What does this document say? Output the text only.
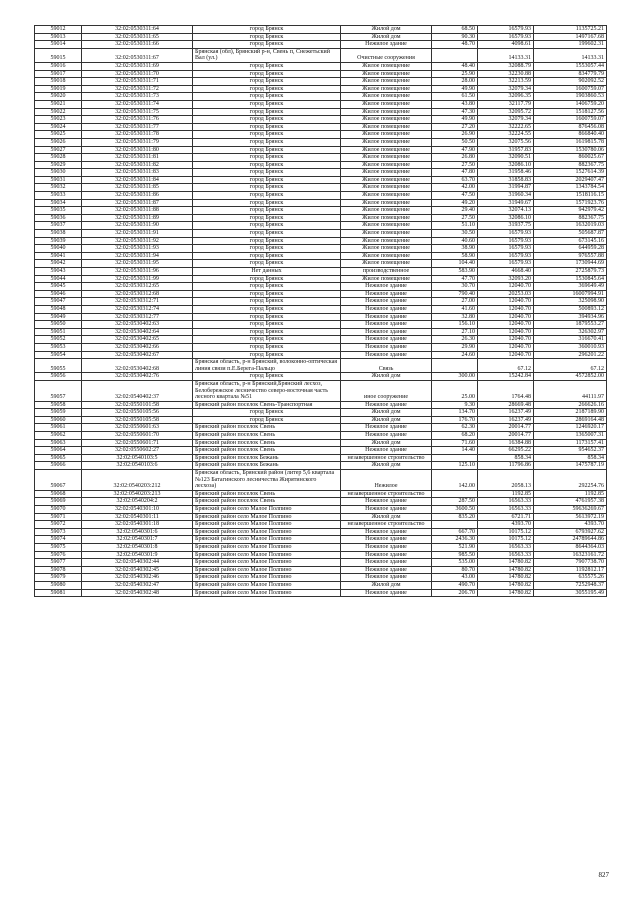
59012	32:02:0530311:64	город Брянск	Жилой дом	68.50	16579.93	1135725.21
59013	32:02:0530311:65	город Брянск	Жилой дом	90.30	16579.93	1497167.68
59014	32:02:0530311:66	город Брянск	Нежилое здание	48.70	4098.61	199602.31
59015	32:02:0530311:67	Брянская (обл), Брянский р-н, Свень п, Снежетьский Вал (ул.)	Очистные сооружения		14133.31	14133.31
59016	32:02:0530311:69	город Брянск	Жилое помещение	48.40	32088.79	1553057.44
59017	32:02:0530311:70	город Брянск	Жилое помещение	25.90	32230.88	834779.79
59018	32:02:0530311:71	город Брянск	Жилое помещение	28.00	32213.59	902092.52
59019	32:02:0530311:72	город Брянск	Жилое помещение	49.90	32079.34	1600759.07
59020	32:02:0530311:73	город Брянск	Жилое помещение	61.50	32096.35	1903860.53
59021	32:02:0530311:74	город Брянск	Жилое помещение	43.80	32117.79	1406759.20
59022	32:02:0530311:75	город Брянск	Жилое помещение	47.30	32095.72	1518127.56
59023	32:02:0530311:76	город Брянск	Жилое помещение	49.90	32079.34	1600759.07
59024	32:02:0530311:77	город Брянск	Жилое помещение	27.20	32222.65	876456.08
59025	32:02:0530311:78	город Брянск	Жилое помещение	26.90	32224.55	866840.40
59026	32:02:0530311:79	город Брянск	Жилое помещение	50.50	32075.56	1619815.78
59027	32:02:0530311:80	город Брянск	Жилое помещение	47.90	31957.83	1530780.06
59028	32:02:0530311:81	город Брянск	Жилое помещение	26.80	32090.51	860025.67
59029	32:02:0530311:82	город Брянск	Жилое помещение	27.50	32086.10	882367.75
59030	32:02:0530311:83	город Брянск	Жилое помещение	47.80	31958.46	1527614.39
59031	32:02:0530311:84	город Брянск	Жилое помещение	63.70	31858.83	2029407.47
59032	32:02:0530311:85	город Брянск	Жилое помещение	42.00	31994.87	1343784.54
59033	32:02:0530311:86	город Брянск	Жилое помещение	47.50	31960.34	1518116.15
59034	32:02:0530311:87	город Брянск	Жилое помещение	49.20	31949.67	1571923.76
59035	32:02:0530311:88	город Брянск	Жилое помещение	29.40	32074.13	942979.42
59036	32:02:0530311:89	город Брянск	Жилое помещение	27.50	32086.10	882367.75
59037	32:02:0530311:90	город Брянск	Жилое помещение	51.10	31937.75	1632019.03
59038	32:02:0530311:91	город Брянск	Жилое помещение	30.50	16579.93	505687.87
59039	32:02:0530311:92	город Брянск	Жилое помещение	40.60	16579.93	673145.16
59040	32:02:0530311:93	город Брянск	Жилое помещение	38.90	16579.93	644959.28
59041	32:02:0530311:94	город Брянск	Жилое помещение	58.90	16579.93	976557.88
59042	32:02:0530311:95	город Брянск	Жилое помещение	104.40	16579.93	1730944.69
59043	32:02:0530311:96	Нет данных	производственное	583.90	4668.40	2725879.73
59044	32:02:0530311:99	город Брянск	Жилое помещение	47.70	32093.20	1530845.64
59045	32:02:0530312:65	город Брянск	Нежилое здание	30.70	12040.70	369649.49
59046	32:02:0530312:68	город Брянск	Нежилое здание	790.40	20253.03	16007994.91
59047	32:02:0530312:71	город Брянск	Нежилое здание	27.00	12040.70	325098.90
59048	32:02:0530312:74	город Брянск	Нежилое здание	41.60	12040.70	500893.12
59049	32:02:0530312:77	город Брянск	Нежилое здание	32.80	12040.70	394934.96
59050	32:02:0530402:63	город Брянск	Нежилое здание	156.10	12040.70	1879553.27
59051	32:02:0530402:64	город Брянск	Нежилое здание	27.10	12040.70	326302.97
59052	32:02:0530402:65	город Брянск	Нежилое здание	26.30	12040.70	316670.41
59053	32:02:0530402:66	город Брянск	Нежилое здание	29.90	12040.70	360010.93
59054	32:02:0530402:67	город Брянск	Нежилое здание	24.60	12040.70	296201.22
59055	32:02:0530402:68	Брянская область, р-н Брянский, волоконно-оптическая линия связи п.Е.Берега-Пальцо	Связь		67.12	67.12
59056	32:02:0530402:76	город Брянск	Жилой дом	300.00	15242.84	4572852.00
59057	32:02:0540402:37	Брянская область, р-н Брянский,Брянский лесхоз, Белобережское лесничество северо-восточная часть лесного квартала №51	иное сооружение	25.00	1764.48	44111.97
59058	32:02:0550101:58	Брянский район поселок Свень-Транспортная	Нежилое здание	9.30	28669.48	266626.16
59059	32:02:0550105:56	город Брянск	Жилой дом	134.70	16237.49	2187189.90
59060	32:02:0550105:58	город Брянск	Жилой дом	176.70	16237.49	2869164.48
59061	32:02:0550601:63	Брянский район поселок Свень	Нежилое здание	62.30	20014.77	1246920.17
59062	32:02:0550601:70	Брянский район поселок Свень	Нежилое здание	68.20	20014.77	1365007.31
59063	32:02:0550601:71	Брянский район поселок Свень	Жилой дом	71.60	16384.88	1173157.41
59064	32:02:0550602:27	Брянский район поселок Свень	Нежилое здание	14.40	66295.22	954652.37
59065	32:02:0540103:5	Брянский район поселок Бежань	незавершенное строительство		858.34	858.34
59066	32:02:0540103:6	Брянский район поселок Бежань	Жилой дом	125.10	11796.86	1475787.19
59067	32:02:0540203:212	Брянская область, Брянский район (литер 5,6 квартала №123 Батагинского лесничества Жирятинского лесхоза)	Нежилое	142.00	2058.13	292254.76
59068	32:02:0540203:213	Брянский район поселок Свень	незавершенное строительство		1192.85	1192.85
59069	32:02:0540204:2	Брянский район поселок Свень	Нежилое здание	287.50	16563.33	4761957.38
59070	32:02:0540301:10	Брянский район село Малое Полпино	Нежилое здание	3600.50	16563.33	59636269.67
59071	32:02:0540301:11	Брянский район село Малое Полпино	Жилой дом	835.20	6721.71	5613972.19
59072	32:02:0540301:18	Брянский район село Малое Полпино	незавершенное строительство		4393.70	4393.70
59073	32:02:0540301:6	Брянский район село Малое Полпино	Нежилое здание	667.70	10175.12	6793927.62
59074	32:02:0540301:7	Брянский район село Малое Полпино	Нежилое здание	2436.30	10175.12	24789644.86
59075	32:02:0540301:8	Брянский район село Малое Полпино	Нежилое здание	521.90	16563.33	8644364.03
59076	32:02:0540301:9	Брянский район село Малое Полпино	Нежилое здание	985.50	16563.33	16323161.72
59077	32:02:0540302:44	Брянский район село Малое Полпино	Нежилое здание	535.00	14780.82	7907738.70
59078	32:02:0540302:45	Брянский район село Малое Полпино	Нежилое здание	80.70	14780.82	1192812.17
59079	32:02:0540302:46	Брянский район село Малое Полпино	Нежилое здание	43.00	14780.82	635575.26
59080	32:02:0540302:47	Брянский район село Малое Полпино	Жилой дом	490.70	14780.82	7252948.37
59081	32:02:0540302:48	Брянский район село Малое Полпино	Нежилое здание	206.70	14780.82	3055195.49
827
